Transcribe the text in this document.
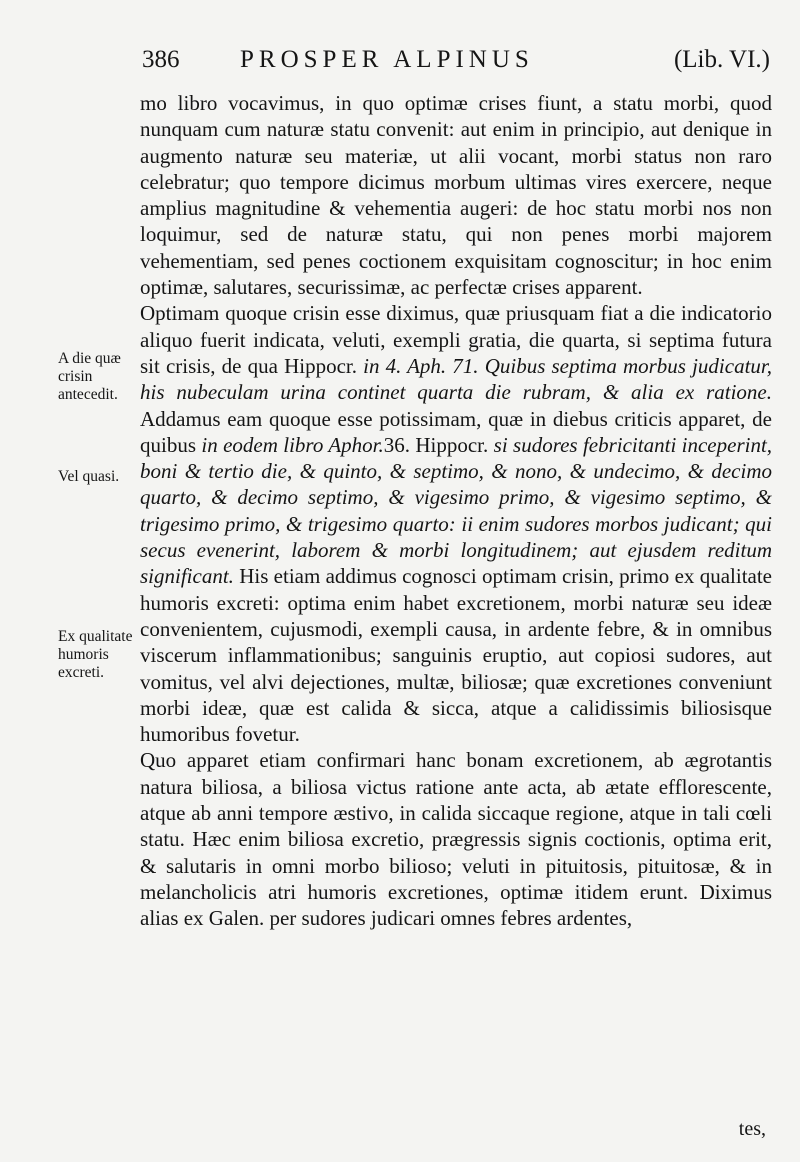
386 PROSPER ALPINUS	(Lib. VI.)
A die quæ crisin antecedit.
Vel quasi.
Ex qualitate humoris excreti.

mo libro vocavimus, in quo optimæ crises fiunt, a statu morbi, quod nunquam cum naturæ statu convenit: aut enim in principio, aut denique in augmento naturæ seu materiæ, ut alii vocant, morbi status non raro celebratur; quo tempore dicimus morbum ultimas vires exercere, neque amplius magnitudine & vehementia augeri: de hoc statu morbi nos non loquimur, sed de naturæ statu, qui non penes morbi majorem vehementiam, sed penes coctionem exquisitam cognoscitur; in hoc enim optimæ, salutares, securissimæ, ac perfectæ crises apparent.

Optimam quoque crisin esse diximus, quæ priusquam fiat a die indicatorio aliquo fuerit indicata, veluti, exempli gratia, die quarta, si septima futura sit crisis, de qua Hippocr. in 4. Aph. 71. Quibus septima morbus judicatur, his nubeculam urina continet quarta die rubram, & alia ex ratione. Addamus eam quoque esse potissimam, quæ in diebus criticis apparet, de quibus in eodem libro Aphor.36. Hippocr. si sudores febricitanti inceperint, boni & tertio die, & quinto, & septimo, & nono, & undecimo, & decimo quarto, & decimo septimo, & vigesimo primo, & vigesimo septimo, & trigesimo primo, & trigesimo quarto: ii enim sudores morbos judicant; qui secus evenerint, laborem & morbi longitudinem; aut ejusdem reditum significant. His etiam addimus cognosci optimam crisin, primo ex qualitate humoris excreti: optima enim habet excretionem, morbi naturæ seu ideæ convenientem, cujusmodi, exempli causa, in ardente febre, & in omnibus viscerum inflammationibus; sanguinis eruptio, aut copiosi sudores, aut vomitus, vel alvi dejectiones, multæ, biliosæ; quæ excretiones conveniunt morbi ideæ, quæ est calida & sicca, atque a calidissimis biliosisque humoribus fovetur.

Quo apparet etiam confirmari hanc bonam excretionem, ab ægrotantis natura biliosa, a biliosa victus ratione ante acta, ab ætate efflorescente, atque ab anni tempore æstivo, in calida siccaque regione, atque in tali cœli statu. Hæc enim biliosa excretio, prægressis signis coctionis, optima erit, & salutaris in omni morbo bilioso; veluti in pituitosis, pituitosæ, & in melancholicis atri humoris excretiones, optimæ itidem erunt. Diximus alias ex Galen. per sudores judicari omnes febres ardentes,

tes,
